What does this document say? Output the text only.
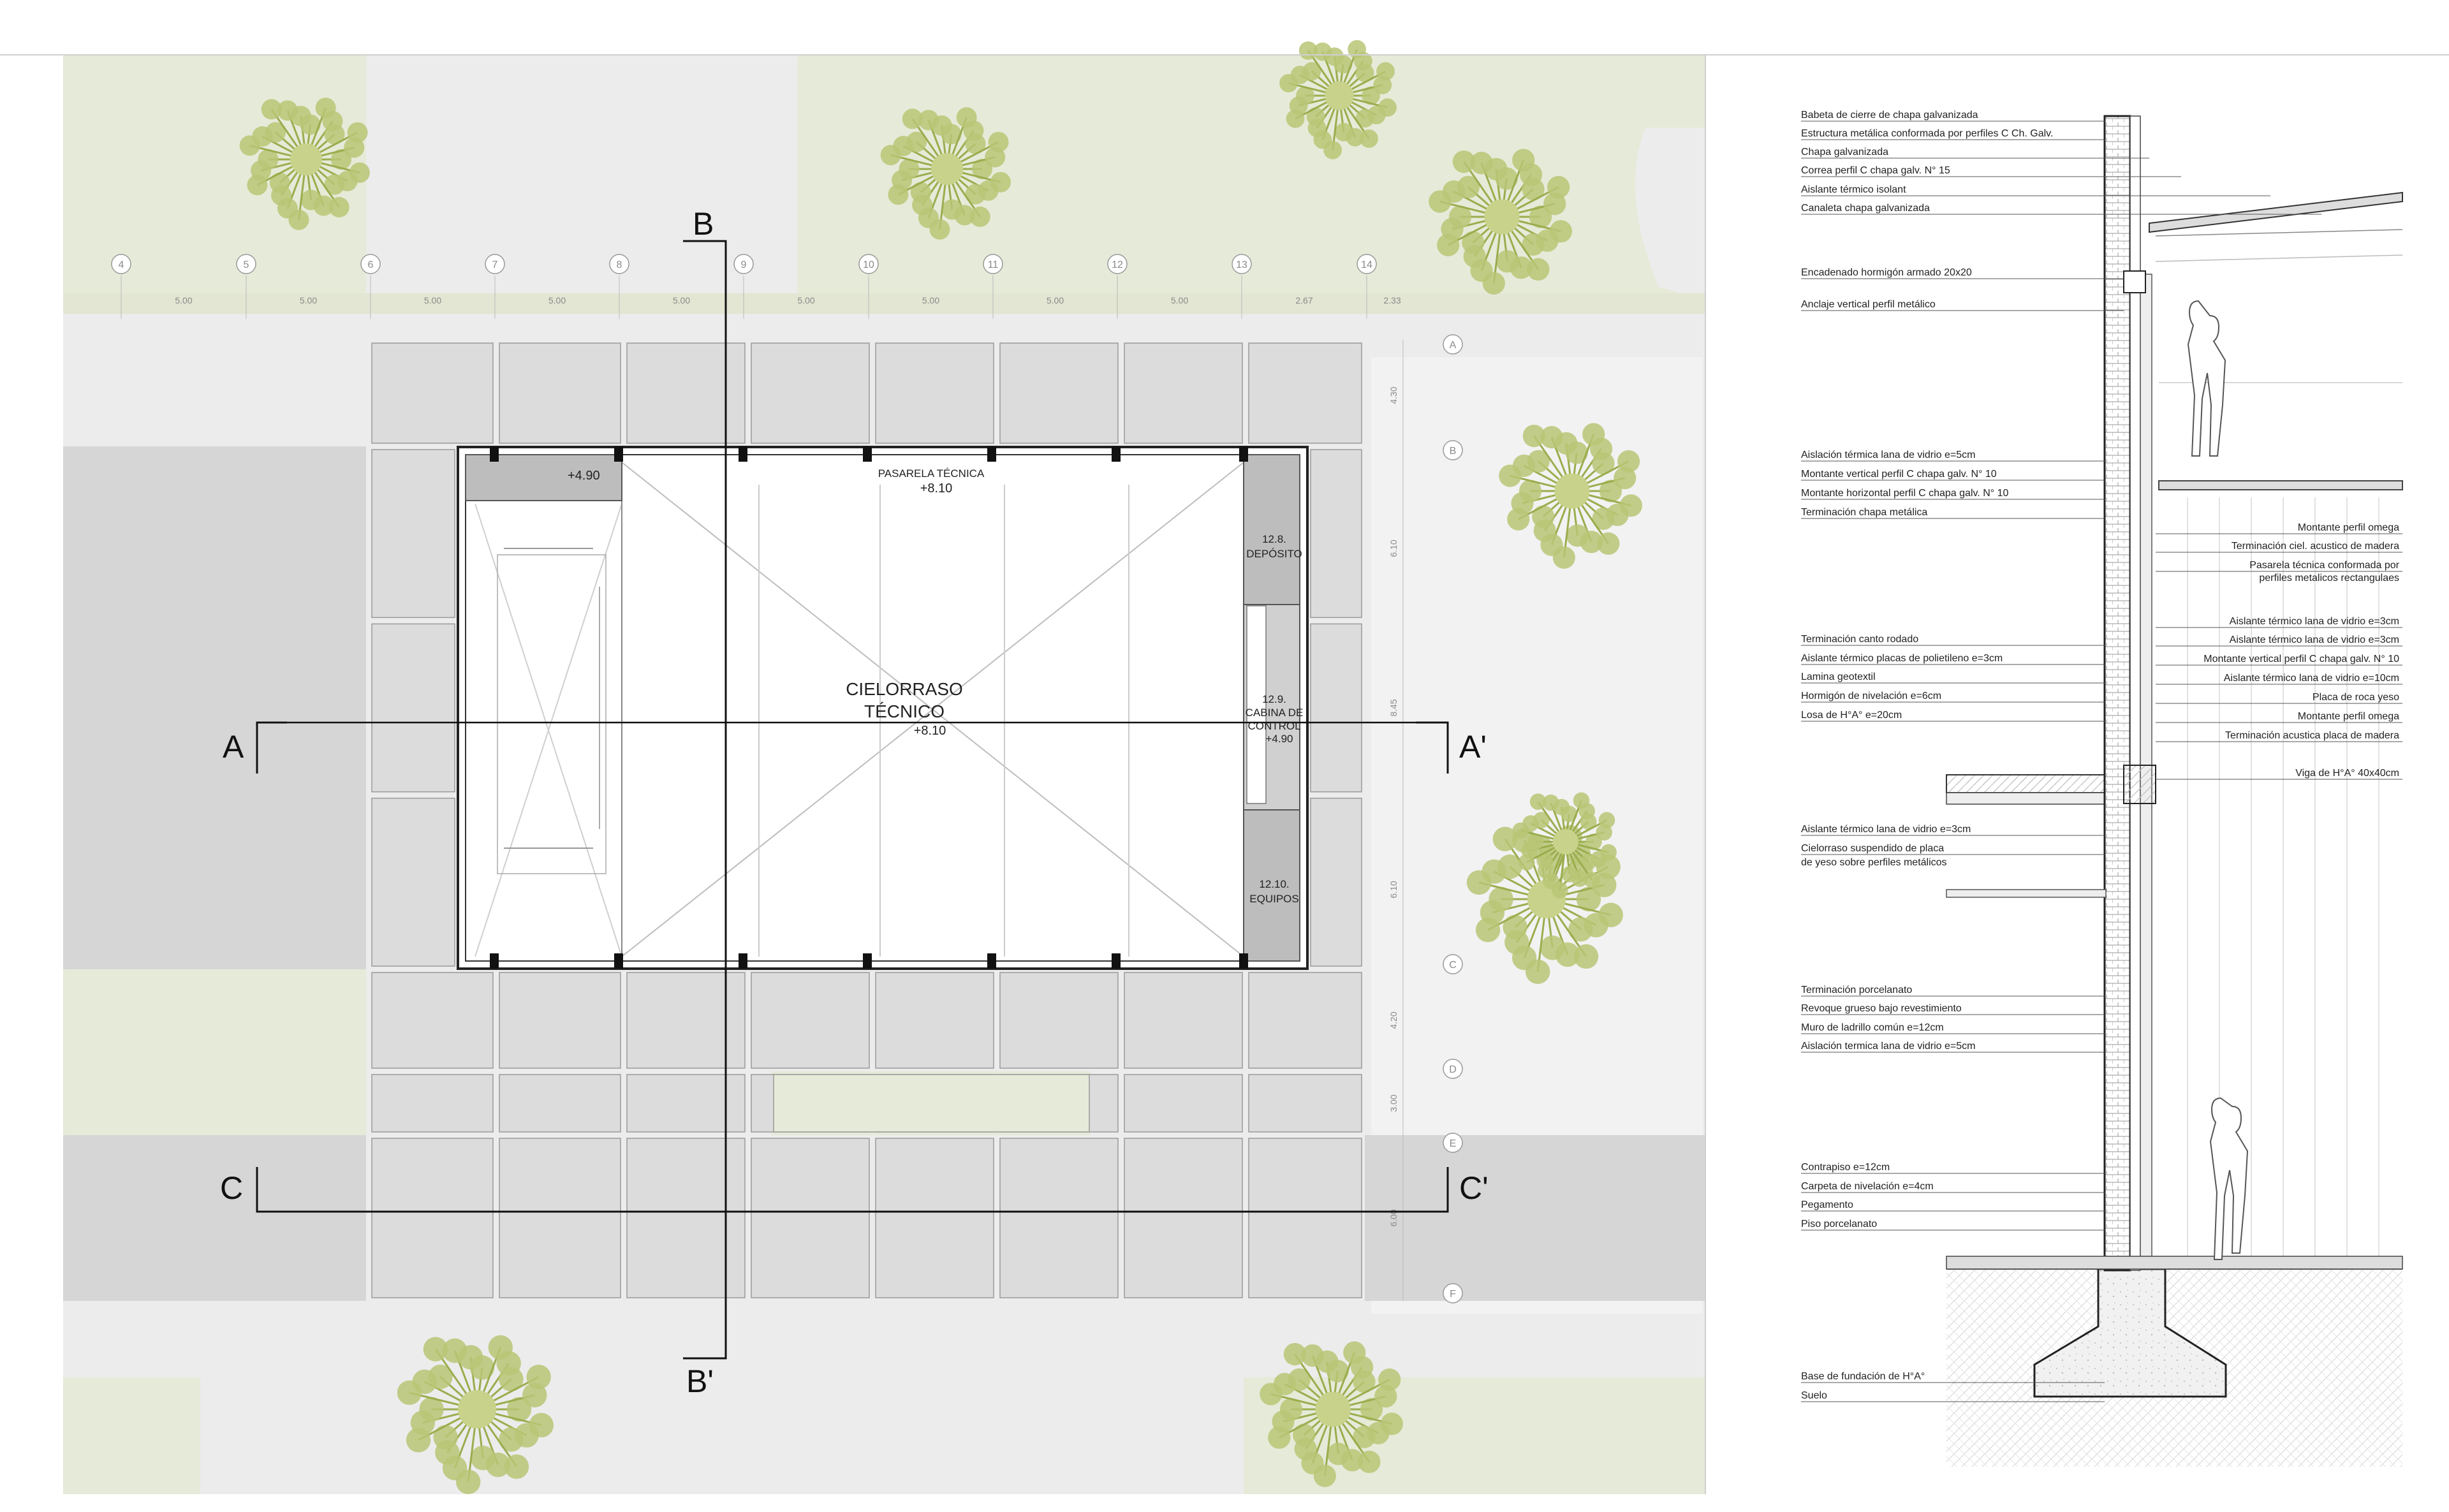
4	5	6	7	8	9	10	11	12	13	14
5.00	5.00	5.00	5.00	5.00	5.00	5.00	5.00	5.00	2.67	2.33
A
B
C
D
E
F
4.30
6.10
8.45
6.10
4.20
3.00
6.00
B
B'
A	A'
C	C'
+4.90	PASARELA TÉCNICA
+8.10
12.8.
DEPÓSITO
CIELORRASO
TÉCNICO
+8.10
12.9.
CABINA DE
CONTROL
+4.90
12.10.
EQUIPOS
Babeta de cierre de chapa galvanizada
Estructura metálica conformada por perfiles C Ch. Galv.
Chapa galvanizada
Correa perfil C chapa galv. N° 15
Aislante térmico isolant
Canaleta chapa galvanizada
Encadenado hormigón armado 20x20
Anclaje vertical perfil metálico
Aislación térmica lana de vidrio e=5cm
Montante vertical perfil C chapa galv. N° 10
Montante horizontal perfil C chapa galv. N° 10
Terminación chapa metálica
Terminación canto rodado
Aislante térmico placas de polietileno e=3cm
Lamina geotextil
Hormigón de nivelación e=6cm
Losa de H°A° e=20cm
Aislante térmico lana de vidrio e=3cm
Cielorraso suspendido de placa
de yeso sobre perfiles metálicos
Terminación porcelanato
Revoque grueso bajo revestimiento
Muro de ladrillo común e=12cm
Aislación termica lana de vidrio e=5cm
Contrapiso e=12cm
Carpeta de nivelación e=4cm
Pegamento
Piso porcelanato
Base de fundación de H°A°
Suelo
Montante perfil omega
Terminación ciel. acustico de madera
Pasarela técnica conformada por
perfiles metalicos rectangulaes
Aislante térmico lana de vidrio e=3cm
Aislante térmico lana de vidrio e=3cm
Montante vertical perfil C chapa galv. N° 10
Aislante térmico lana de vidrio e=10cm
Placa de roca yeso
Montante perfil omega
Terminación acustica placa de madera
Viga de H°A° 40x40cm
